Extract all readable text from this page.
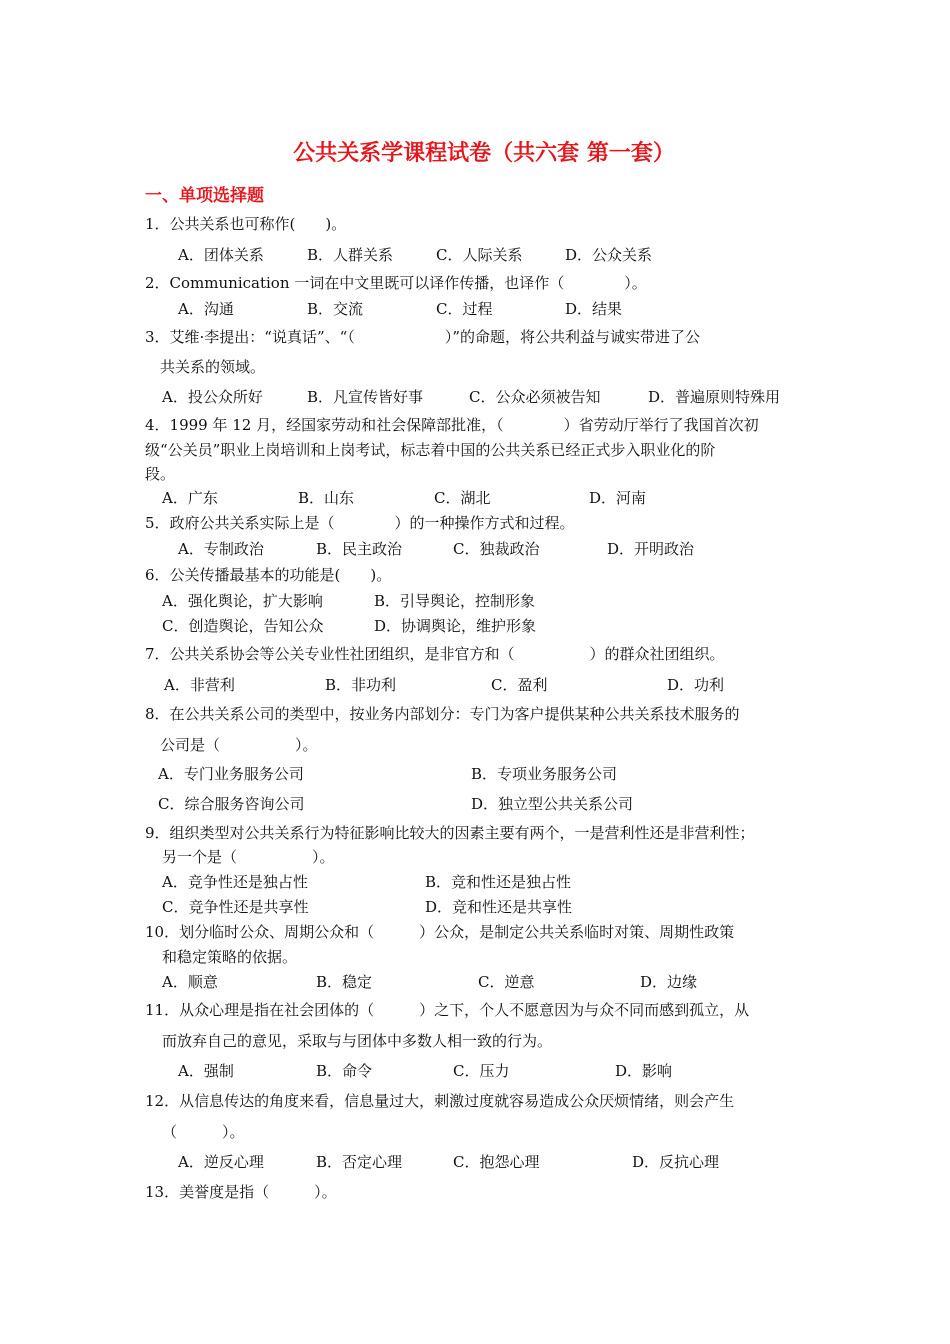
公共关系学课程试卷（共六套 第一套）
一、单项选择题
1．公共关系也可称作(　　)。
A．团体关系	B．人群关系	C．人际关系	D．公众关系
2．Communication 一词在中文里既可以译作传播，也译作（　　　　）。
A．沟通	B．交流	C．过程	D．结果
3．艾维·李提出：“说真话”、“（　　　　　　）”的命题，将公共利益与诚实带进了公
共关系的领域。
A．投公众所好	B．凡宣传皆好事	C．公众必须被告知	D．普遍原则特殊用
4．1999 年 12 月，经国家劳动和社会保障部批准，（　　　　）省劳动厅举行了我国首次初
级“公关员”职业上岗培训和上岗考试，标志着中国的公共关系已经正式步入职业化的阶
段。
A．广东	B．山东	C．湖北	D．河南
5．政府公共关系实际上是（　　　　）的一种操作方式和过程。
A．专制政治	B．民主政治	C．独裁政治	D．开明政治
6．公关传播最基本的功能是(　　)。
A．强化舆论，扩大影响	B．引导舆论，控制形象
C．创造舆论，告知公众	D．协调舆论，维护形象
7．公共关系协会等公关专业性社团组织，是非官方和（　　　　　）的群众社团组织。
A．非营利	B．非功利	C．盈利	D．功利
8．在公共关系公司的类型中，按业务内部划分：专门为客户提供某种公共关系技术服务的
公司是（　　　　　）。
A．专门业务服务公司	B．专项业务服务公司
C．综合服务咨询公司	D．独立型公共关系公司
9．组织类型对公共关系行为特征影响比较大的因素主要有两个，一是营利性还是非营利性；
另一个是（　　　　　）。
A．竞争性还是独占性	B．竞和性还是独占性
C．竞争性还是共享性	D．竞和性还是共享性
10．划分临时公众、周期公众和（　　　）公众，是制定公共关系临时对策、周期性政策
和稳定策略的依据。
A．顺意	B．稳定	C．逆意	D．边缘
11．从众心理是指在社会团体的（　　　）之下，个人不愿意因为与众不同而感到孤立，从
而放弃自己的意见，采取与与团体中多数人相一致的行为。
A．强制	B．命令	C．压力	D．影响
12．从信息传达的角度来看，信息量过大，刺激过度就容易造成公众厌烦情绪，则会产生
（　　　）。
A．逆反心理	B．否定心理	C．抱怨心理	D．反抗心理
13．美誉度是指（　　　）。
